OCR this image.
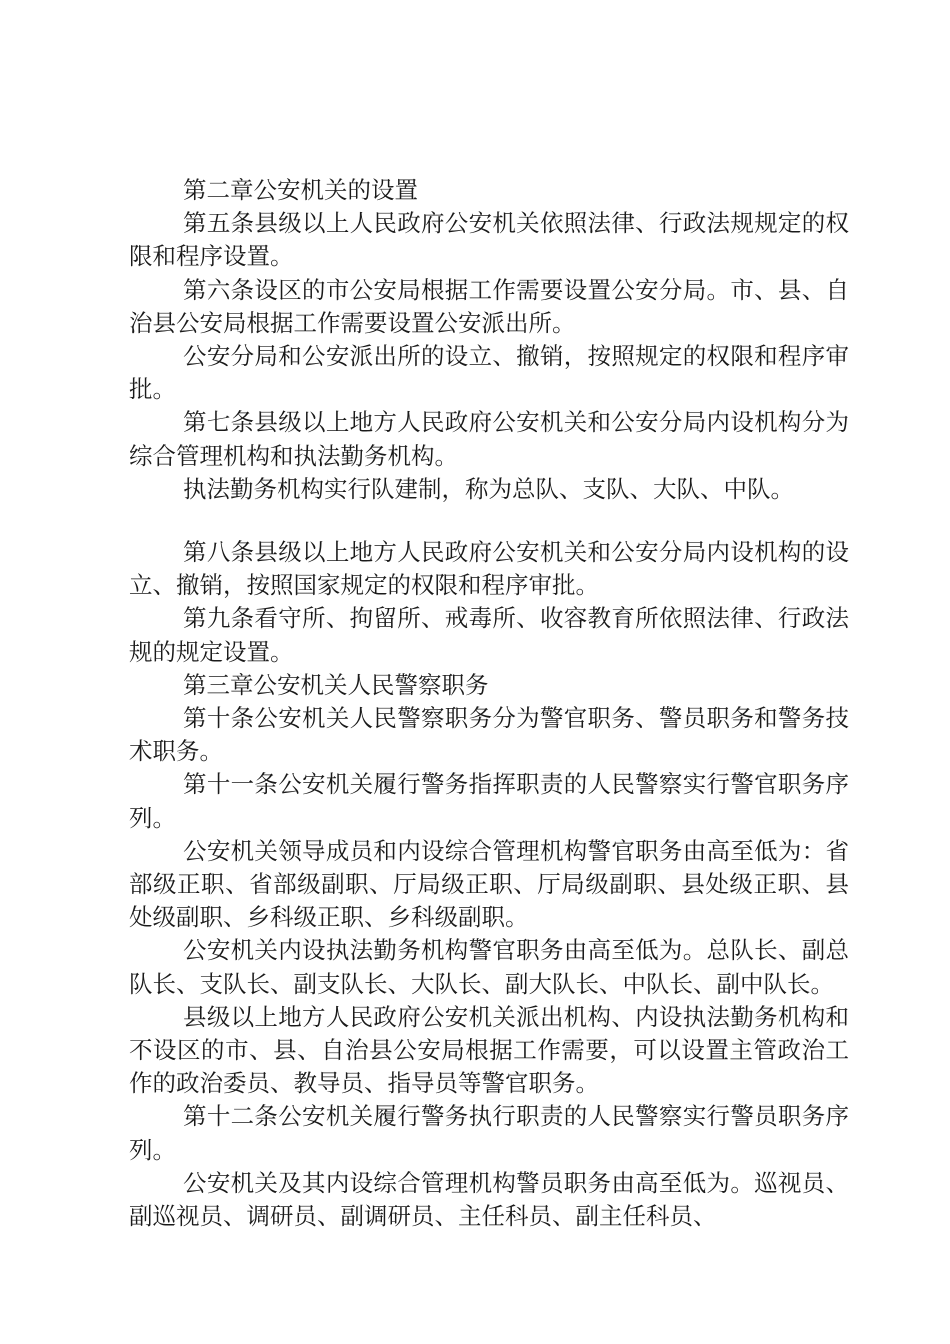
第二章公安机关的设置

第五条县级以上人民政府公安机关依照法律、行政法规规定的权限和程序设置。

第六条设区的市公安局根据工作需要设置公安分局。市、县、自治县公安局根据工作需要设置公安派出所。

公安分局和公安派出所的设立、撤销，按照规定的权限和程序审批。

第七条县级以上地方人民政府公安机关和公安分局内设机构分为综合管理机构和执法勤务机构。

执法勤务机构实行队建制，称为总队、支队、大队、中队。

第八条县级以上地方人民政府公安机关和公安分局内设机构的设立、撤销，按照国家规定的权限和程序审批。

第九条看守所、拘留所、戒毒所、收容教育所依照法律、行政法规的规定设置。

第三章公安机关人民警察职务

第十条公安机关人民警察职务分为警官职务、警员职务和警务技术职务。

第十一条公安机关履行警务指挥职责的人民警察实行警官职务序列。

公安机关领导成员和内设综合管理机构警官职务由高至低为：省部级正职、省部级副职、厅局级正职、厅局级副职、县处级正职、县处级副职、乡科级正职、乡科级副职。

公安机关内设执法勤务机构警官职务由高至低为。总队长、副总队长、支队长、副支队长、大队长、副大队长、中队长、副中队长。

县级以上地方人民政府公安机关派出机构、内设执法勤务机构和不设区的市、县、自治县公安局根据工作需要，可以设置主管政治工作的政治委员、教导员、指导员等警官职务。

第十二条公安机关履行警务执行职责的人民警察实行警员职务序列。

公安机关及其内设综合管理机构警员职务由高至低为。巡视员、副巡视员、调研员、副调研员、主任科员、副主任科员、
